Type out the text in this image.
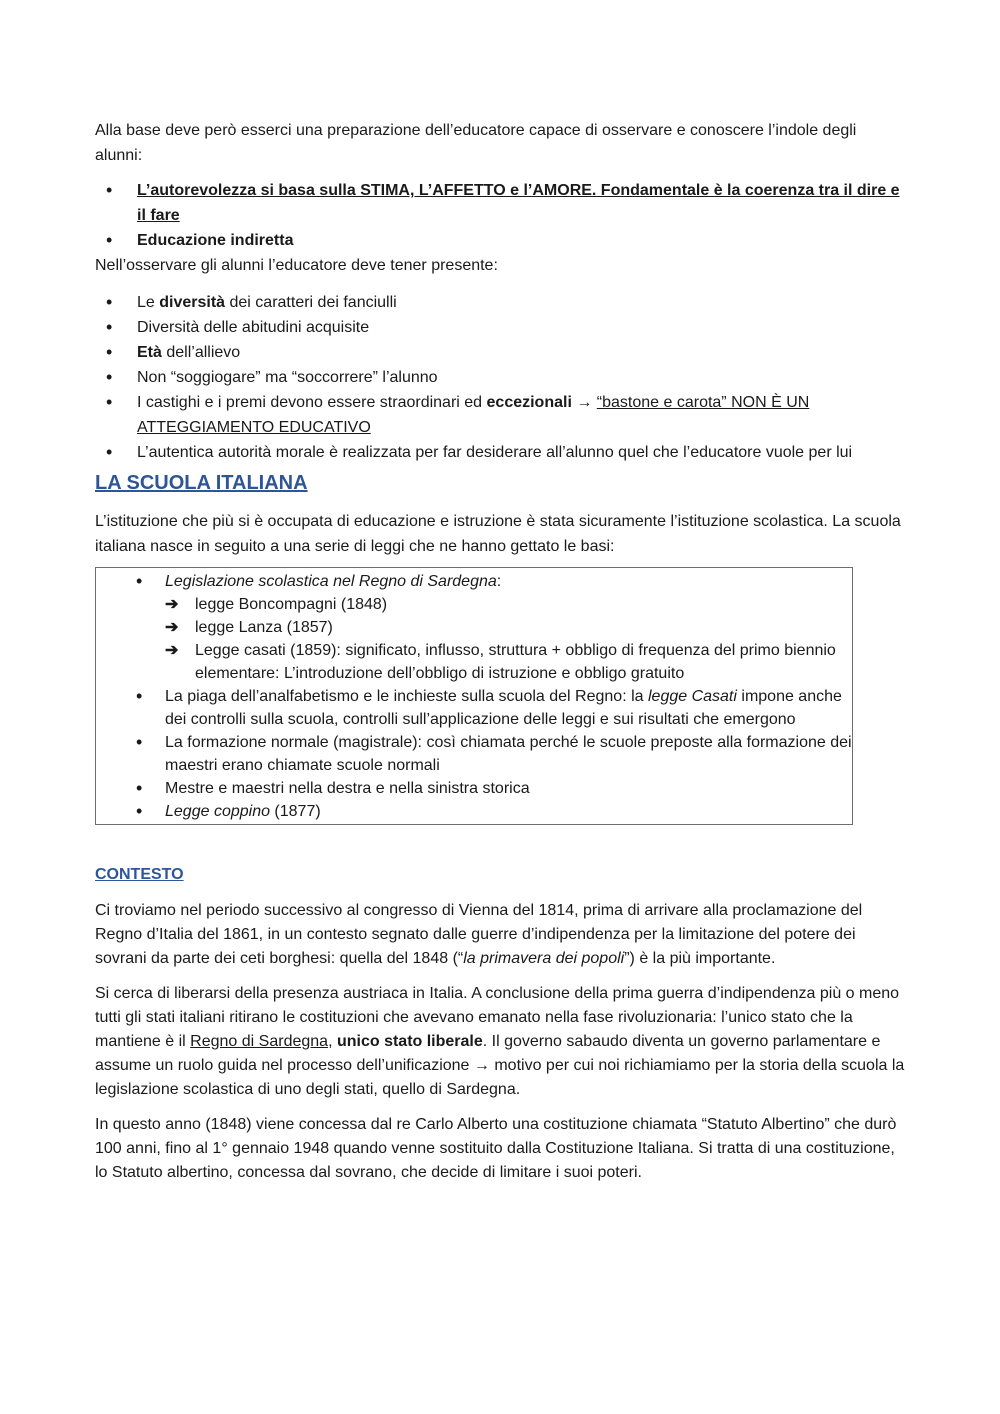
Alla base deve però esserci una preparazione dell’educatore capace di osservare e conoscere l’indole degli alunni:

• L’autorevolezza si basa sulla STIMA, L’AFFETTO e l’AMORE. Fondamentale è la coerenza tra il dire e il fare
• Educazione indiretta

Nell’osservare gli alunni l’educatore deve tener presente:

• Le diversità dei caratteri dei fanciulli
• Diversità delle abitudini acquisite
• Età dell’allievo
• Non “soggiogare” ma “soccorrere” l’alunno
• I castighi e i premi devono essere straordinari ed eccezionali → “bastone e carota” NON È UN ATTEGGIAMENTO EDUCATIVO
• L’autentica autorità morale è realizzata per far desiderare all’alunno quel che l’educatore vuole per lui
LA SCUOLA ITALIANA

L’istituzione che più si è occupata di educazione e istruzione è stata sicuramente l’istituzione scolastica. La scuola italiana nasce in seguito a una serie di leggi che ne hanno gettato le basi:

• Legislazione scolastica nel Regno di Sardegna:
➔ legge Boncompagni (1848)
➔ legge Lanza (1857)
➔ Legge casati (1859): significato, influsso, struttura + obbligo di frequenza del primo biennio elementare: L’introduzione dell’obbligo di istruzione e obbligo gratuito
• La piaga dell’analfabetismo e le inchieste sulla scuola del Regno: la legge Casati impone anche dei controlli sulla scuola, controlli sull’applicazione delle leggi e sui risultati che emergono
• La formazione normale (magistrale): così chiamata perché le scuole preposte alla formazione dei maestri erano chiamate scuole normali
• Mestre e maestri nella destra e nella sinistra storica
• Legge coppino (1877)
CONTESTO

Ci troviamo nel periodo successivo al congresso di Vienna del 1814, prima di arrivare alla proclamazione del Regno d’Italia del 1861, in un contesto segnato dalle guerre d’indipendenza per la limitazione del potere dei sovrani da parte dei ceti borghesi: quella del 1848 (“la primavera dei popoli”) è la più importante.

Si cerca di liberarsi della presenza austriaca in Italia. A conclusione della prima guerra d’indipendenza più o meno tutti gli stati italiani ritirano le costituzioni che avevano emanato nella fase rivoluzionaria: l’unico stato che la mantiene è il Regno di Sardegna, unico stato liberale. Il governo sabaudo diventa un governo parlamentare e assume un ruolo guida nel processo dell’unificazione → motivo per cui noi richiamiamo per la storia della scuola la legislazione scolastica di uno degli stati, quello di Sardegna.

In questo anno (1848) viene concessa dal re Carlo Alberto una costituzione chiamata “Statuto Albertino” che durò 100 anni, fino al 1° gennaio 1948 quando venne sostituito dalla Costituzione Italiana. Si tratta di una costituzione, lo Statuto albertino, concessa dal sovrano, che decide di limitare i suoi poteri.
